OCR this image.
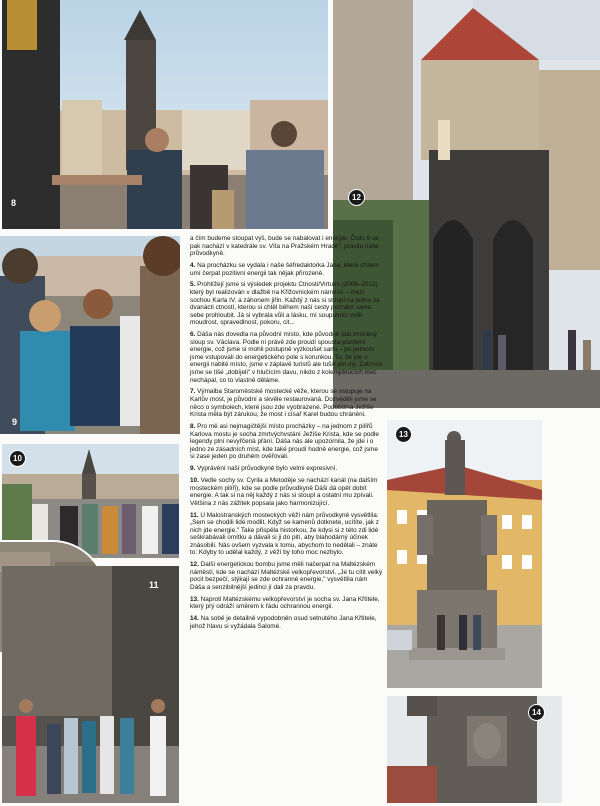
8
12
9
10
11
13
14

a čím budeme stoupat výš, bude se nabalovat i energie. Číslo 9 se pak nachází v katedrále sv. Víta na Pražském Hradě", pravila naše průvodkyně.

4. Na procházku se vydala i naše šéfredaktorka Jana, které vždem umí čerpat pozitivní energii tak nějak přirozeně.

5. Prohlížejí jsme si výsledek projektu Ctnosti/Virtues (2008–2012) který byl realizován v dlažbě na Křižovnickém náměstí – mezi sochou Karla IV. a záhonem jiřin. Každý z nás si stoupl na jednu ze dvanácti ctností, kterou si chtěl během naší cesty poznání sama sebe prohloubit. Já si vybrala vůli a lásku, mí souputníci volili moudrost, spravedlnost, pokoru, cit...

6. Dáša nás dovedla na původní místo, kde původně stál zmíněný sloup sv. Václava. Podle ní právě zde proudí spousta pozitivní energie, což jsme si mohli postupně vyzkoušet sami – po jednom jsme vstupovali do energetického pole s korunkou. To, že jde o energii nabité místo, jsme v záplavě turistů ale tušili jen my. Zatímco jsme se tiše „dobíjeli" v hlučícím davu, nikdo z kolemjdoucích moc nechápal, co to vlastně děláme.

7. Výmalba Staroměstské mostecké věže, kterou se vstupuje na Karlův most, je původní a skvěle restaurovaná. Dozvěděli jsme se něco o symbolech, které jsou zde vyobrazené. Podobizna Ježíše Krista měla být zárukou, že most i císař Karel budou chráněni.

8. Pro mě asi nejmagičtější místo procházky – na jednom z pilířů Karlova mostu je socha zmrtvýchvstání Ježíše Krista, kde se podle legendy plní nevyřčená přání. Dáša nás ale upozornila, že jde i o jedno ze zásadních míst, kde také proudí hodně energie, což jsme si zase jeden po druhém ověřovali.

9. Vyprávění naší průvodkyně bylo velmi expresivní.

10. Vedle sochy sv. Cyrila a Metoděje se nachází kanál (na dalším mosteckém pilíři), kde se podle průvodkyně Dáši dá opět dobít energie. A tak si na něj každý z nás si stoupl a ostatní mu zpívali. Většina z nás zážitek popsala jako harmonizující.

11. U Malostranských mosteckých věží nám průvodkyně vysvětlila: „Sem se chodili lidé modlit. Když se kamenů dotknete, ucítíte, jak z nich jde energie." Take přispěla historkou, že kdysi si z této zdi lidé seškrabávali omítku a dávali si ji do pití, aby blahodárný účinek znásobili. Nás ovšem vyzvala k tomu, abychom to nedělali – znáte to: Kdyby to udělal každý, z věží by toho moc nezbylo.

12. Další energetickou bombu jsme měli načerpat na Maltézském náměstí, kde se nachází Maltézské velkopřevorství. „Je tu cítit velký pocit bezpečí, stýkají se zde ochranné energie," vysvětlila nám Dáša a senzibilnější jedinci jí dali za pravdu.

13. Naproti Maltézskému velkopřevorství je socha sv. Jana Křtitele, který prý odráží směrem k řádu ochrannou energii.

14. Na sobě je detailně vypodobněn osud setnutého Jana Křtitele, jehož hlavu si vyžádala Salomé.
